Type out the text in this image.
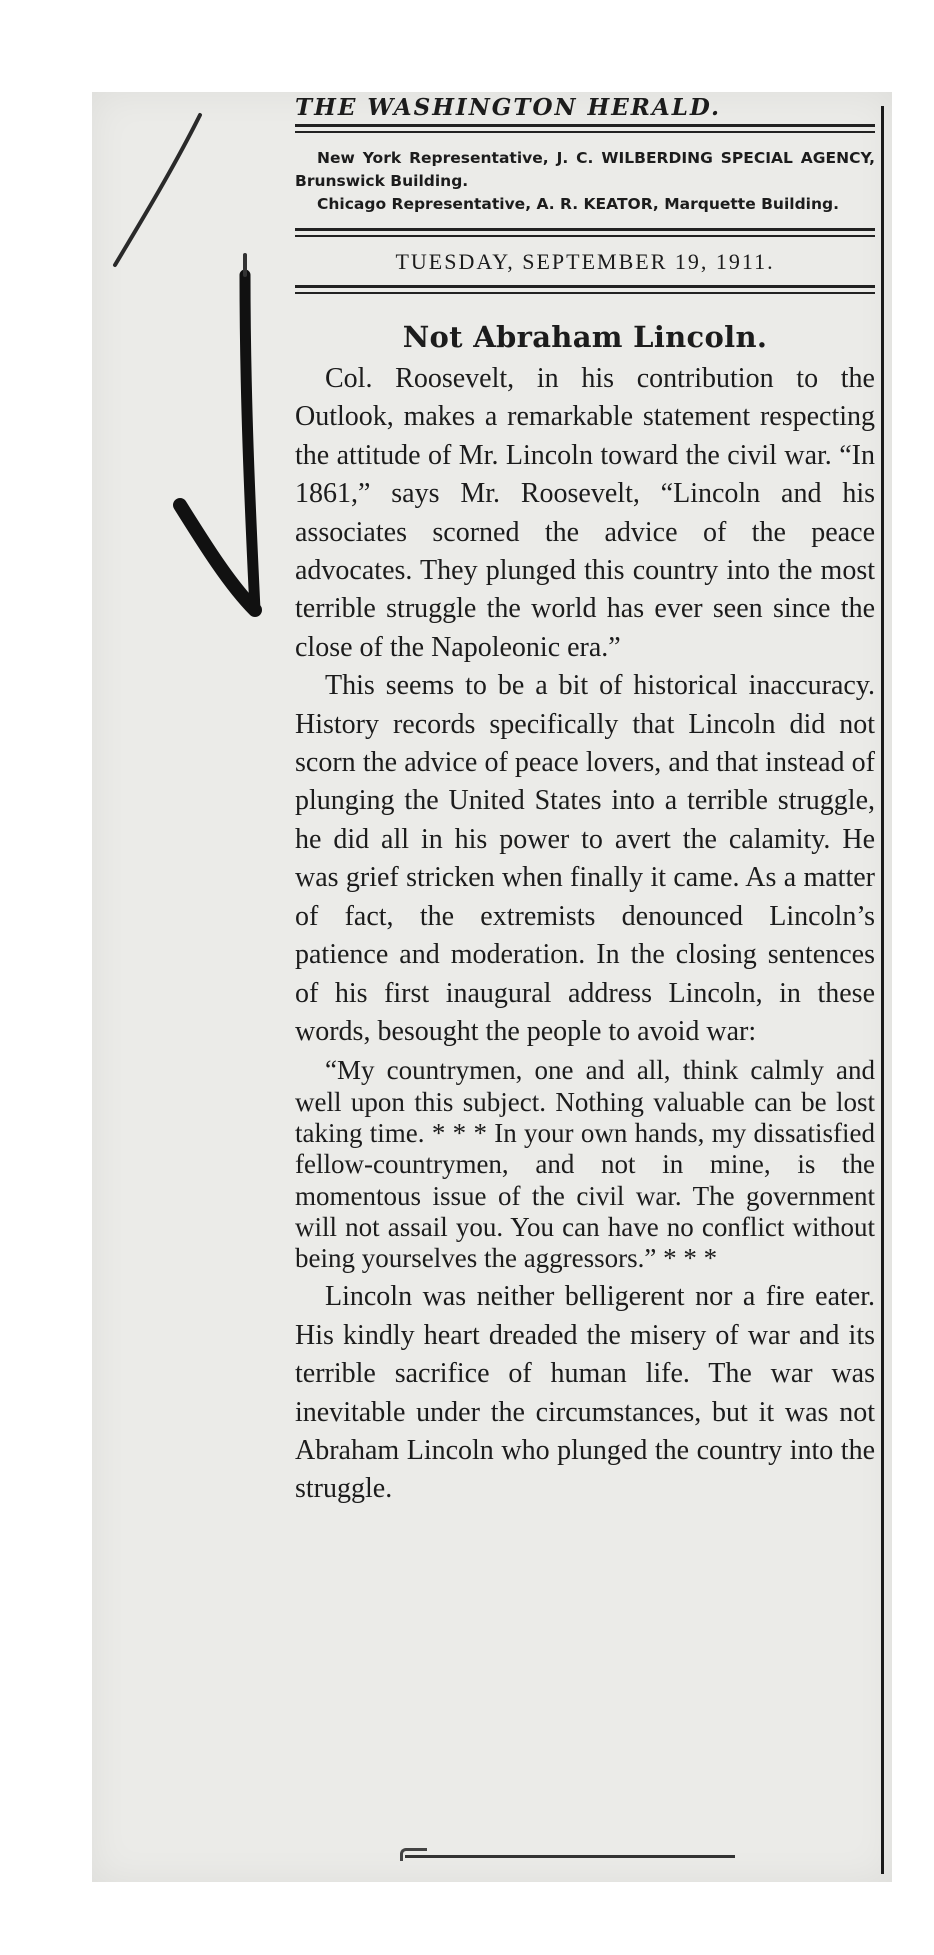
THE WASHINGTON HERALD.

New York Representative, J. C. WILBERDING SPECIAL AGENCY, Brunswick Building.

Chicago Representative, A. R. KEATOR, Marquette Building.

TUESDAY, SEPTEMBER 19, 1911.
Not Abraham Lincoln.

Col. Roosevelt, in his contribution to the Outlook, makes a remarkable statement respecting the attitude of Mr. Lincoln toward the civil war. “In 1861,” says Mr. Roosevelt, “Lincoln and his associates scorned the advice of the peace advocates. They plunged this country into the most terrible struggle the world has ever seen since the close of the Napoleonic era.”

This seems to be a bit of historical inaccuracy. History records specifically that Lincoln did not scorn the advice of peace lovers, and that instead of plunging the United States into a terrible struggle, he did all in his power to avert the calamity. He was grief stricken when finally it came. As a matter of fact, the extremists denounced Lincoln’s patience and moderation. In the closing sentences of his first inaugural address Lincoln, in these words, besought the people to avoid war:

“My countrymen, one and all, think calmly and well upon this subject. Nothing valuable can be lost taking time. * * * In your own hands, my dissatisfied fellow-countrymen, and not in mine, is the momentous issue of the civil war. The government will not assail you. You can have no conflict without being yourselves the aggressors.” * * *

Lincoln was neither belligerent nor a fire eater. His kindly heart dreaded the misery of war and its terrible sacrifice of human life. The war was inevitable under the circumstances, but it was not Abraham Lincoln who plunged the country into the struggle.
